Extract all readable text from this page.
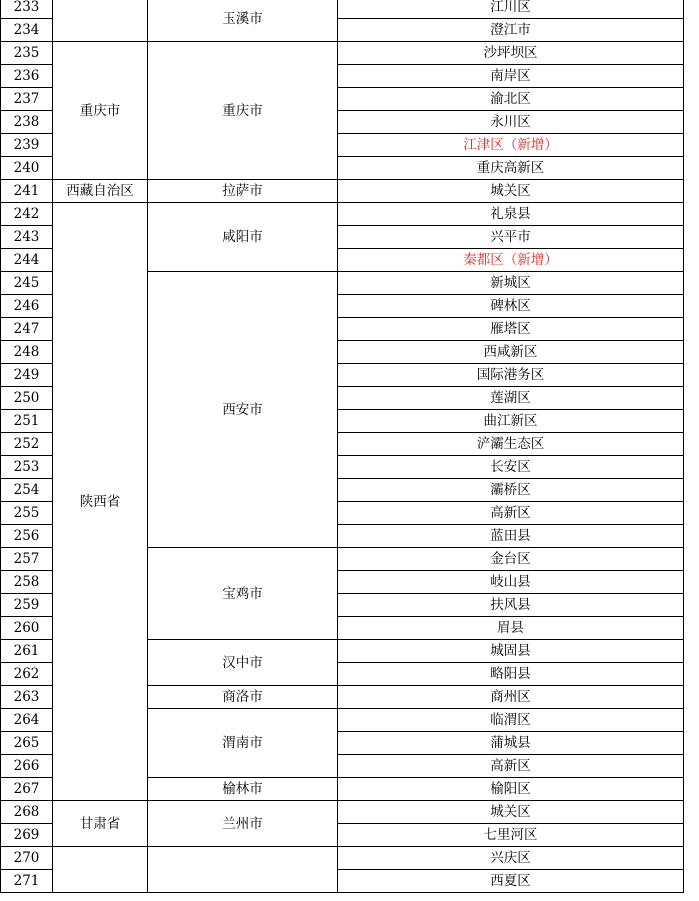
233		玉溪市	江川区
234			澄江市
235	重庆市	重庆市	沙坪坝区
236			南岸区
237			渝北区
238			永川区
239			江津区（新增）
240			重庆高新区
241	西藏自治区	拉萨市	城关区
242	陕西省	咸阳市	礼泉县
243			兴平市
244			秦都区（新增）
245		西安市	新城区
246			碑林区
247			雁塔区
248			西咸新区
249			国际港务区
250			莲湖区
251			曲江新区
252			浐灞生态区
253			长安区
254			灞桥区
255			高新区
256			蓝田县
257		宝鸡市	金台区
258			岐山县
259			扶风县
260			眉县
261		汉中市	城固县
262			略阳县
263		商洛市	商州区
264		渭南市	临渭区
265			蒲城县
266			高新区
267		榆林市	榆阳区
268	甘肃省	兰州市	城关区
269			七里河区
270			兴庆区
271			西夏区
